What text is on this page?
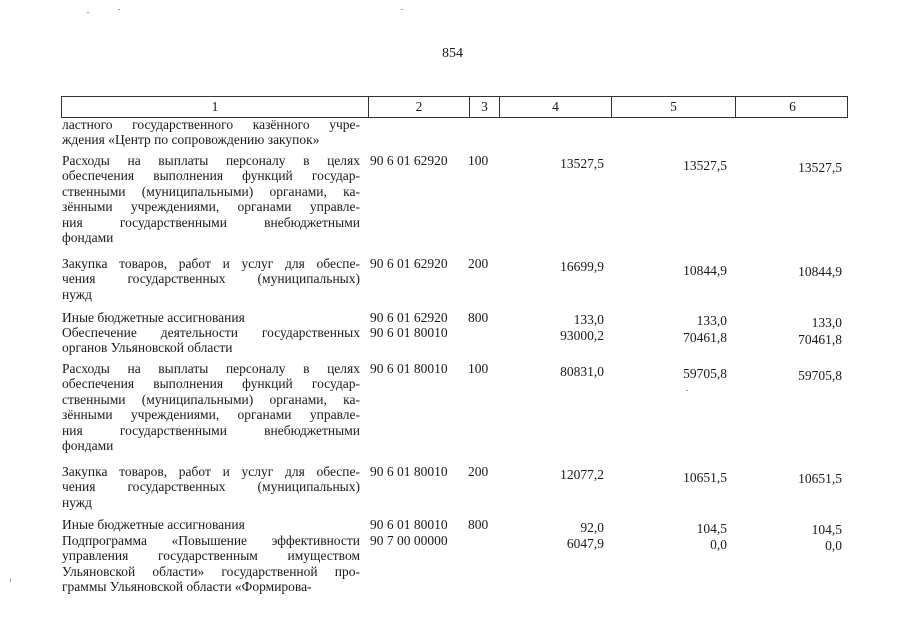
854
1	2	3	4	5	6
ластного государственного казённого учре-
ждения «Центр по сопровождению закупок»
Расходы на выплаты персоналу в целях
обеспечения выполнения функций государ-
ственными (муниципальными) органами, ка-
зёнными учреждениями, органами управле-
ния государственными внебюджетными
фондами
90 6 01 62920	100	13527,5	13527,5	13527,5
Закупка товаров, работ и услуг для обеспе-
чения государственных (муниципальных)
нужд
90 6 01 62920	200	16699,9	10844,9	10844,9
Иные бюджетные ассигнования	90 6 01 62920	800	133,0	133,0	133,0
Обеспечение деятельности государственных
органов Ульяновской области
90 6 01 80010	93000,2	70461,8	70461,8
Расходы на выплаты персоналу в целях
обеспечения выполнения функций государ-
ственными (муниципальными) органами, ка-
зёнными учреждениями, органами управле-
ния государственными внебюджетными
фондами
90 6 01 80010	100	80831,0	59705,8	59705,8
Закупка товаров, работ и услуг для обеспе-
чения государственных (муниципальных)
нужд
90 6 01 80010	200	12077,2	10651,5	10651,5
Иные бюджетные ассигнования	90 6 01 80010	800	92,0	104,5	104,5
Подпрограмма «Повышение эффективности
управления государственным имуществом
Ульяновской области» государственной про-
граммы Ульяновской области «Формирова-
90 7 00 00000	6047,9	0,0	0,0
